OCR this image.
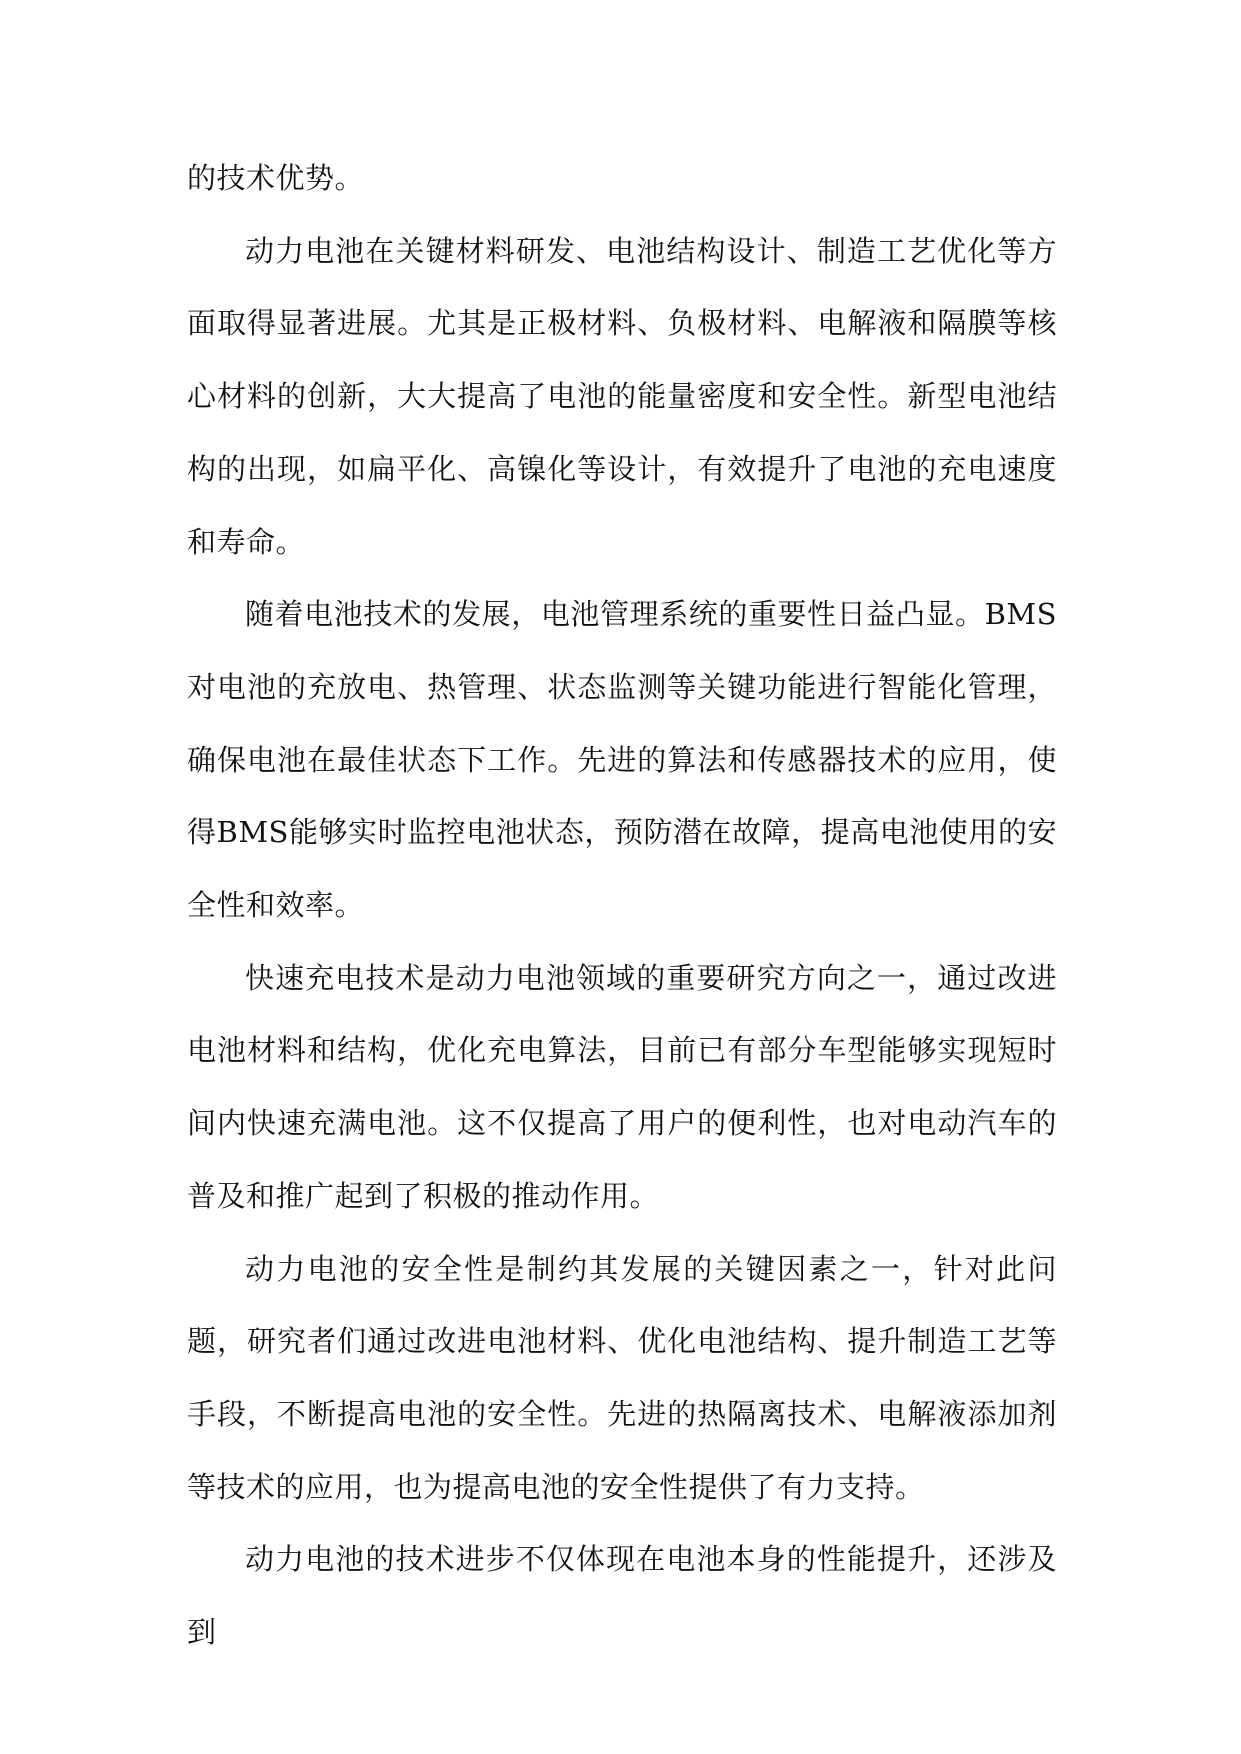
的技术优势。

动力电池在关键材料研发、电池结构设计、制造工艺优化等方面取得显著进展。尤其是正极材料、负极材料、电解液和隔膜等核心材料的创新，大大提高了电池的能量密度和安全性。新型电池结构的出现，如扁平化、高镍化等设计，有效提升了电池的充电速度和寿命。

随着电池技术的发展，电池管理系统的重要性日益凸显。BMS对电池的充放电、热管理、状态监测等关键功能进行智能化管理，确保电池在最佳状态下工作。先进的算法和传感器技术的应用，使得BMS能够实时监控电池状态，预防潜在故障，提高电池使用的安全性和效率。

快速充电技术是动力电池领域的重要研究方向之一，通过改进电池材料和结构，优化充电算法，目前已有部分车型能够实现短时间内快速充满电池。这不仅提高了用户的便利性，也对电动汽车的普及和推广起到了积极的推动作用。

动力电池的安全性是制约其发展的关键因素之一，针对此问题，研究者们通过改进电池材料、优化电池结构、提升制造工艺等手段，不断提高电池的安全性。先进的热隔离技术、电解液添加剂等技术的应用，也为提高电池的安全性提供了有力支持。

动力电池的技术进步不仅体现在电池本身的性能提升，还涉及到
